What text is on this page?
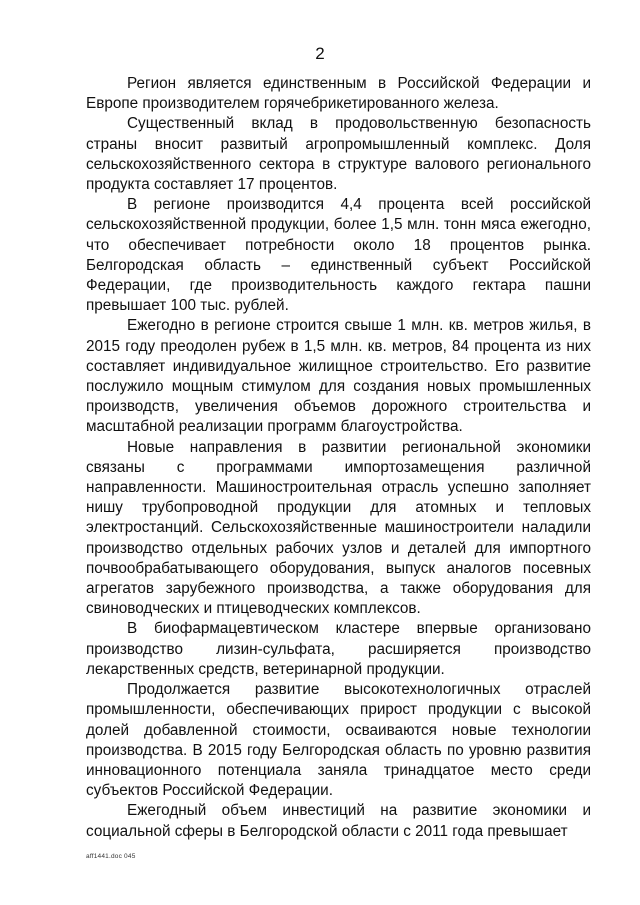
2

Регион является единственным в Российской Федерации и Европе производителем горячебрикетированного железа.

Существенный вклад в продовольственную безопасность страны вносит развитый агропромышленный комплекс. Доля сельскохозяйственного сектора в структуре валового регионального продукта составляет 17 процентов.

В регионе производится 4,4 процента всей российской сельскохозяйственной продукции, более 1,5 млн. тонн мяса ежегодно, что обеспечивает потребности около 18 процентов рынка. Белгородская область – единственный субъект Российской Федерации, где производительность каждого гектара пашни превышает 100 тыс. рублей.

Ежегодно в регионе строится свыше 1 млн. кв. метров жилья, в 2015 году преодолен рубеж в 1,5 млн. кв. метров, 84 процента из них составляет индивидуальное жилищное строительство. Его развитие послужило мощным стимулом для создания новых промышленных производств, увеличения объемов дорожного строительства и масштабной реализации программ благоустройства.

Новые направления в развитии региональной экономики связаны с программами импортозамещения различной направленности. Машиностроительная отрасль успешно заполняет нишу трубопроводной продукции для атомных и тепловых электростанций. Сельскохозяйственные машиностроители наладили производство отдельных рабочих узлов и деталей для импортного почвообрабатывающего оборудования, выпуск аналогов посевных агрегатов зарубежного производства, а также оборудования для свиноводческих и птицеводческих комплексов.

В биофармацевтическом кластере впервые организовано производство лизин-сульфата, расширяется производство лекарственных средств, ветеринарной продукции.

Продолжается развитие высокотехнологичных отраслей промышленности, обеспечивающих прирост продукции с высокой долей добавленной стоимости, осваиваются новые технологии производства. В 2015 году Белгородская область по уровню развития инновационного потенциала заняла тринадцатое место среди субъектов Российской Федерации.

Ежегодный объем инвестиций на развитие экономики и социальной сферы в Белгородской области с 2011 года превышает

aff1441.doc 045
